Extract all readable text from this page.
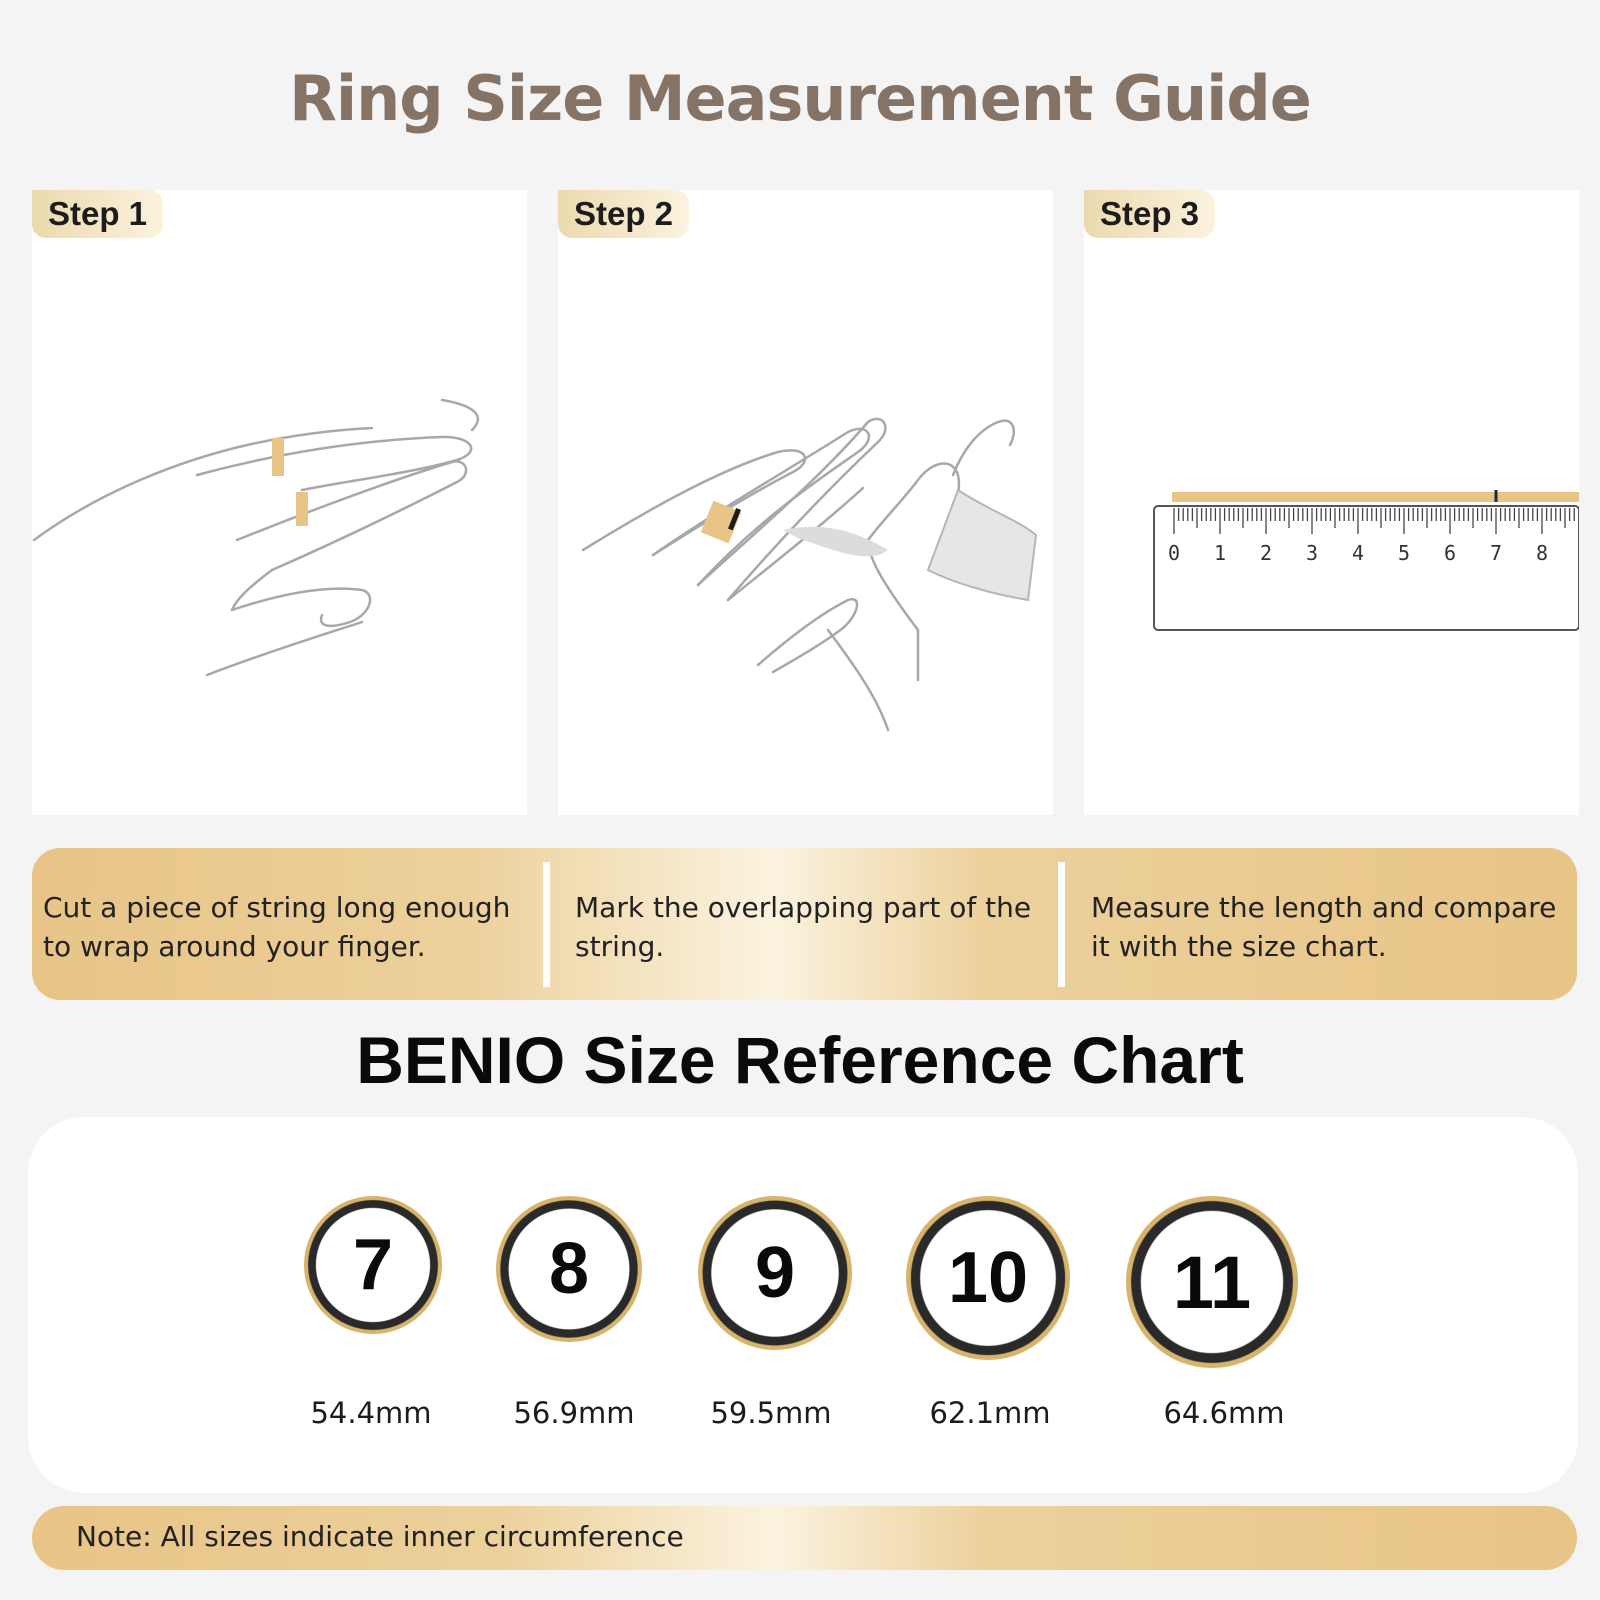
Ring Size Measurement Guide
Step 1	Step 2
0 1 2 3 4 5 6 7 8
Step 3
Cut a piece of string long enough
to wrap around your finger.
Mark the overlapping part of the
string.
Measure the length and compare
it with the size chart.
BENIO Size Reference Chart
7	8	9	10	11
54.4mm	56.9mm	59.5mm	62.1mm	64.6mm
Note: All sizes indicate inner circumference
